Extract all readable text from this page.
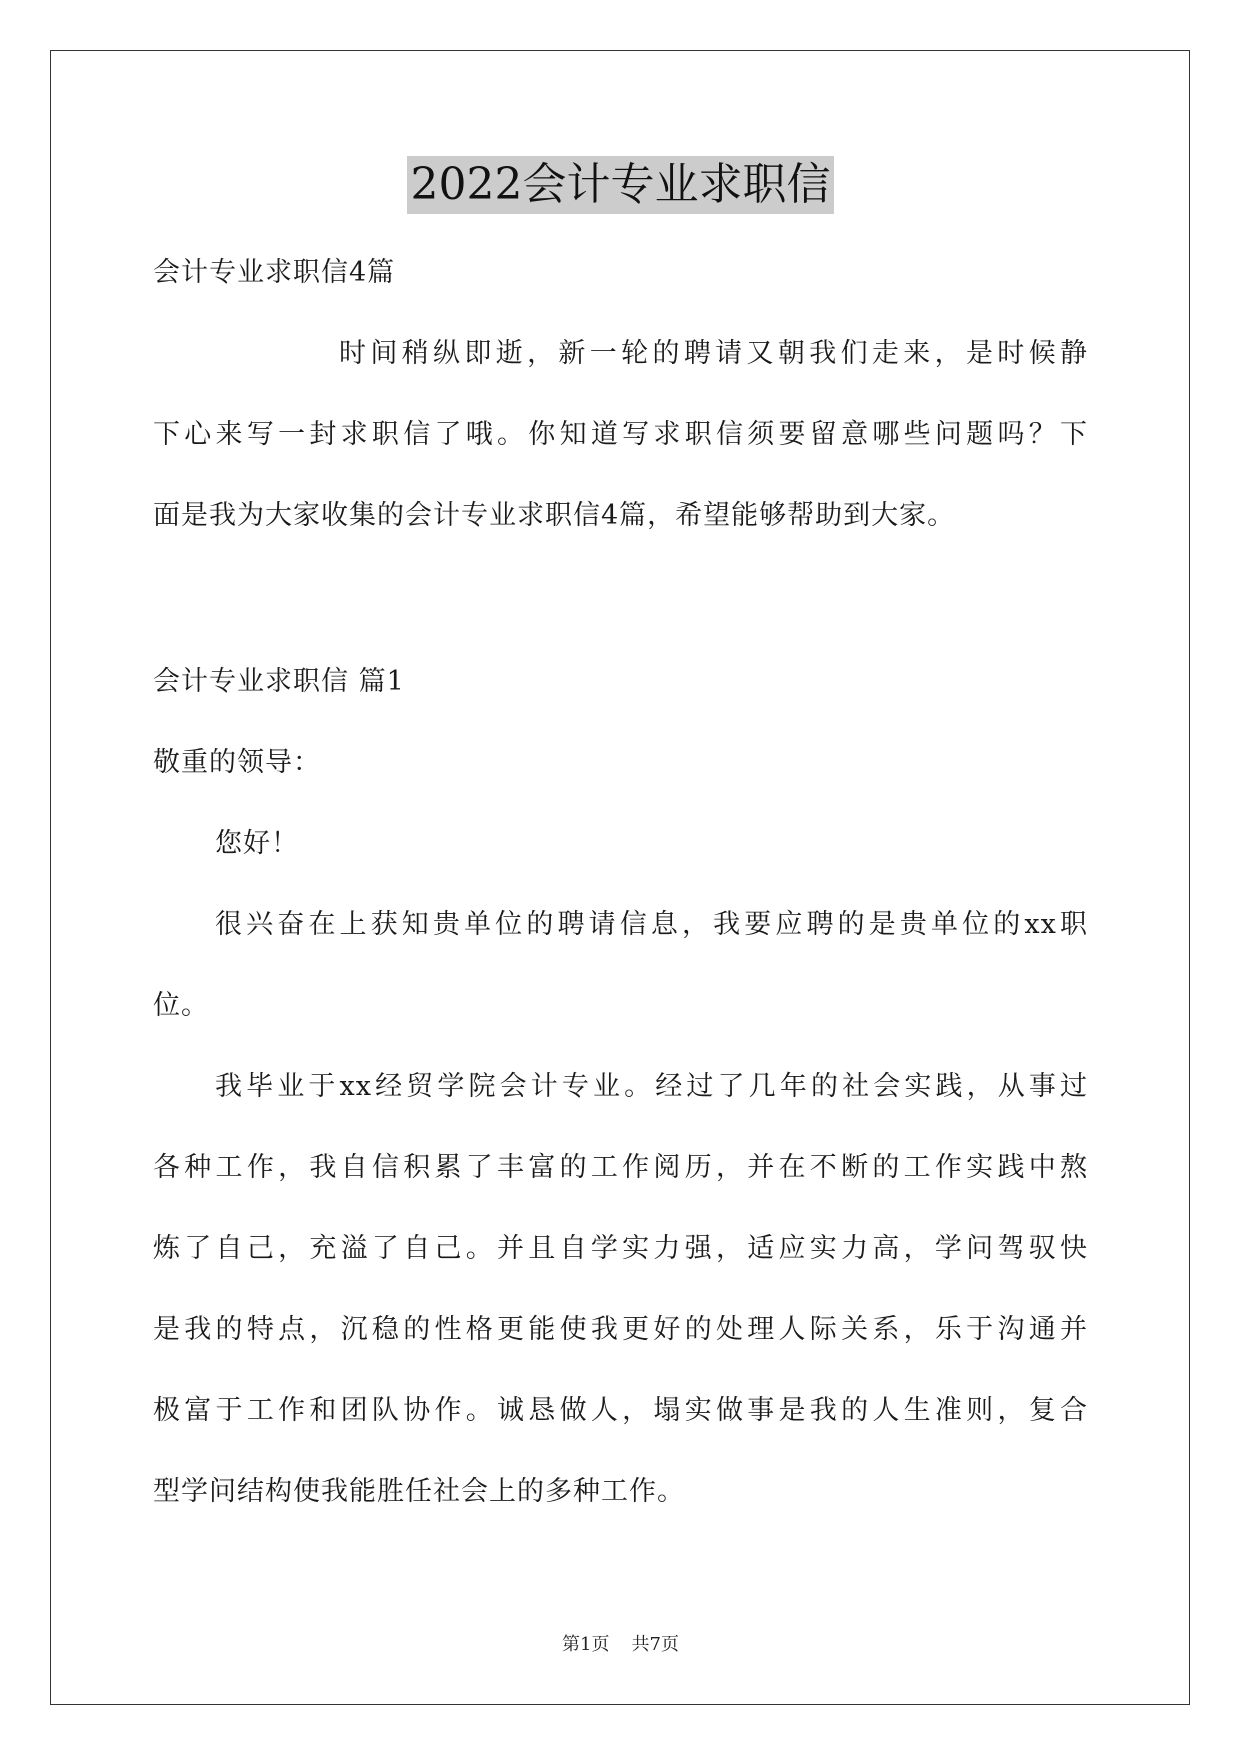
2022会计专业求职信
会计专业求职信4篇
时间稍纵即逝，新一轮的聘请又朝我们走来，是时候静
下心来写一封求职信了哦。你知道写求职信须要留意哪些问题吗？下
面是我为大家收集的会计专业求职信4篇，希望能够帮助到大家。
会计专业求职信 篇1
敬重的领导：
您好！
很兴奋在上获知贵单位的聘请信息，我要应聘的是贵单位的xx职
位。
我毕业于xx经贸学院会计专业。经过了几年的社会实践，从事过
各种工作，我自信积累了丰富的工作阅历，并在不断的工作实践中熬
炼了自己，充溢了自己。并且自学实力强，适应实力高，学问驾驭快
是我的特点，沉稳的性格更能使我更好的处理人际关系，乐于沟通并
极富于工作和团队协作。诚恳做人，塌实做事是我的人生准则，复合
型学问结构使我能胜任社会上的多种工作。
第1页 共7页
